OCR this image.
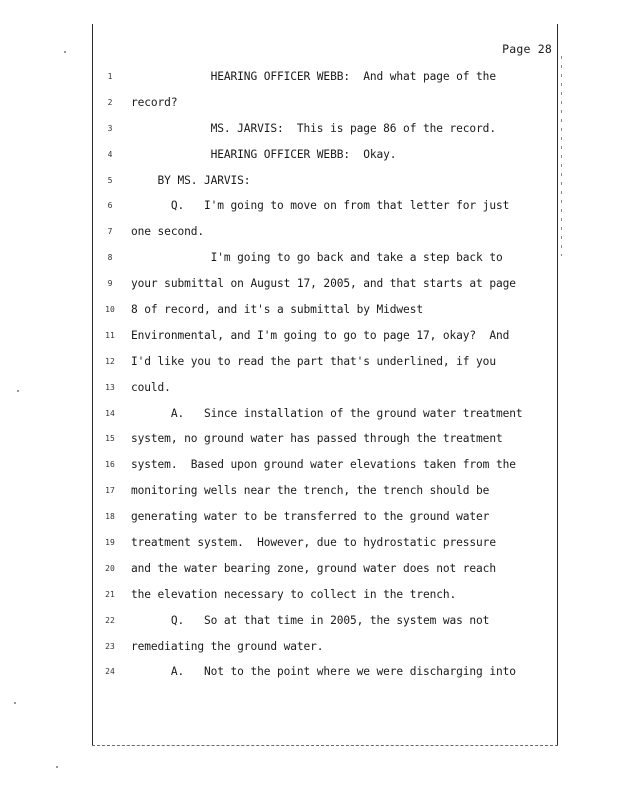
Page 28
1
2
3
4
5
6
7
8
9
10
11
12
13
14
15
16
17
18
19
20
21
22
23
24
HEARING OFFICER WEBB:  And what page of the
record?
MS. JARVIS:  This is page 86 of the record.
HEARING OFFICER WEBB:  Okay.
BY MS. JARVIS:
Q.   I'm going to move on from that letter for just
one second.
I'm going to go back and take a step back to
your submittal on August 17, 2005, and that starts at page
8 of record, and it's a submittal by Midwest
Environmental, and I'm going to go to page 17, okay?  And
I'd like you to read the part that's underlined, if you
could.
A.   Since installation of the ground water treatment
system, no ground water has passed through the treatment
system.  Based upon ground water elevations taken from the
monitoring wells near the trench, the trench should be
generating water to be transferred to the ground water
treatment system.  However, due to hydrostatic pressure
and the water bearing zone, ground water does not reach
the elevation necessary to collect in the trench.
Q.   So at that time in 2005, the system was not
remediating the ground water.
A.   Not to the point where we were discharging into
